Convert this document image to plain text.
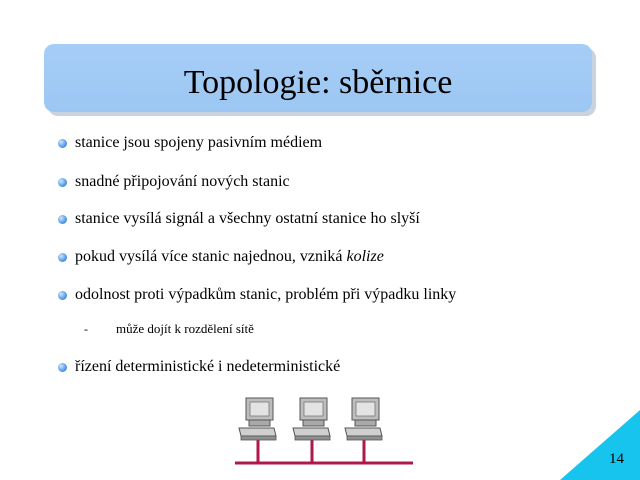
Topologie: sběrnice
stanice jsou spojeny pasivním médiem
snadné připojování nových stanic
stanice vysílá signál a všechny ostatní stanice ho slyší
pokud vysílá více stanic najednou, vzniká kolize
odolnost proti výpadkům stanic, problém při výpadku linky
-	může dojít k rozdělení sítě
řízení deterministické i nedeterministické
14
